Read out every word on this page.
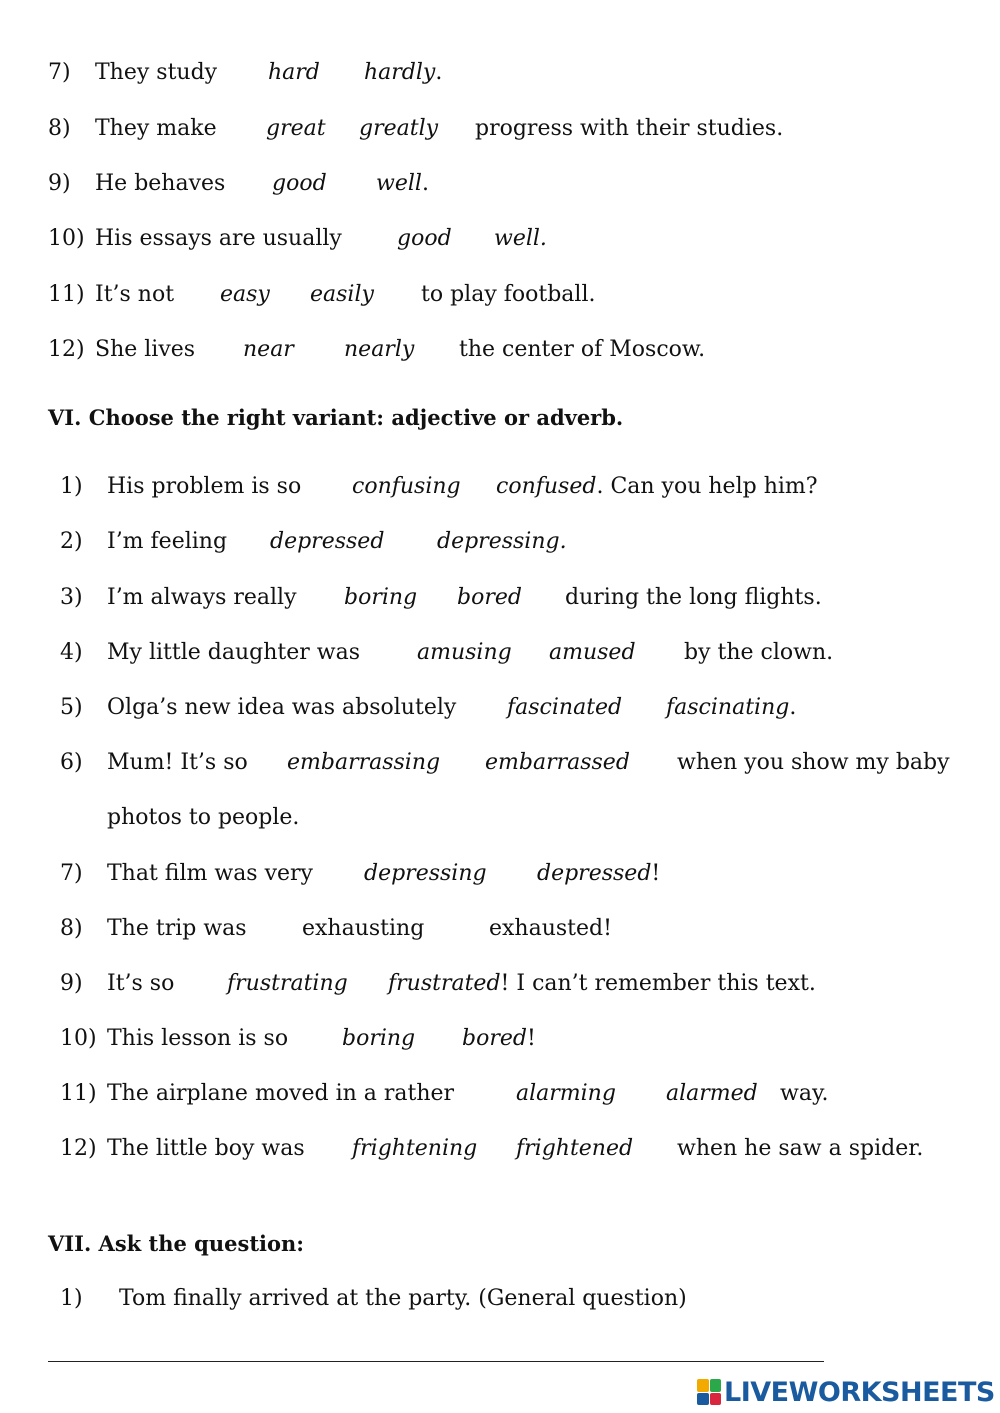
7) They study hard hardly.
8) They make great greatly progress with their studies.
9) He behaves good well.
10) His essays are usually	good well.
11) It’s not easy easily to play football.
12) She lives near nearly the center of Moscow.
VI. Choose the right variant: adjective or adverb.
1) His problem is so confusing confused. Can you help him?
2) I’m feeling depressed depressing.
3) I’m always really boring bored during the long flights.
4) My little daughter was	amusing amused by the clown.
5) Olga’s new idea was absolutely fascinated fascinating.
6) Mum! It’s so embarrassing embarrassed when you show my baby
photos to people.
7) That film was very depressing depressed!
8) The trip was	exhausting	exhausted!
9) It’s so frustrating frustrated! I can’t remember this text.
10) This lesson is so boring bored!
11) The airplane moved in a rather	alarming alarmed way.
12) The little boy was frightening frightened when he saw a spider.
VII. Ask the question:
1) Tom finally arrived at the party. (General question)
LIVEWORKSHEETS
